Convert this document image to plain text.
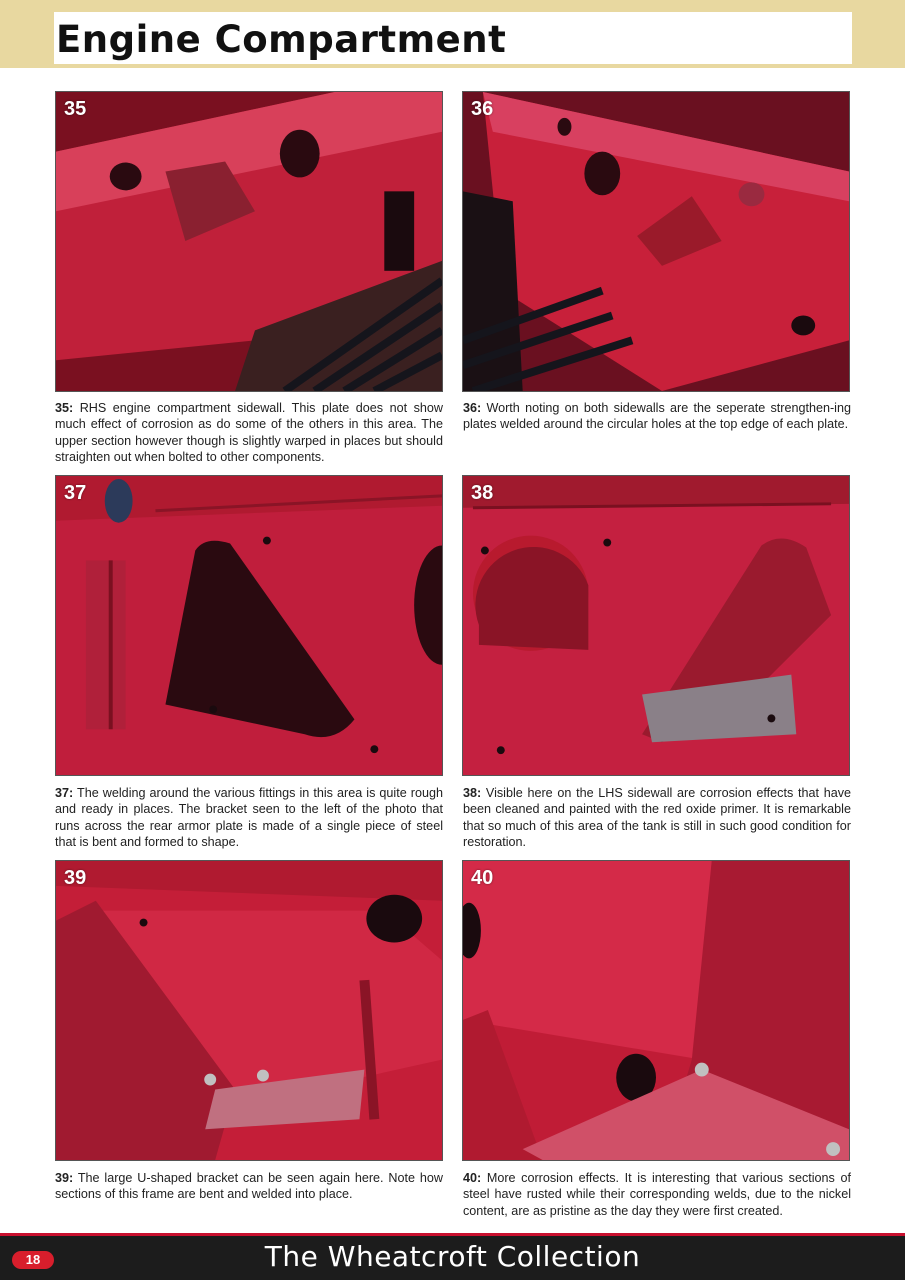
Engine Compartment
35
35: RHS engine compartment sidewall. This plate does not show much effect of corrosion as do some of the others in this area. The upper section however though is slightly warped in places but should straighten out when bolted to other components.
36
36: Worth noting on both sidewalls are the seperate strengthen-ing plates welded around the circular holes at the top edge of each plate.
37
37: The welding around the various fittings in this area is quite rough and ready in places. The bracket seen to the left of the photo that runs across the rear armor plate is made of a single piece of steel that is bent and formed to shape.
38
38: Visible here on the LHS sidewall are corrosion effects that have been cleaned and painted with the red oxide primer. It is remarkable that so much of this area of the tank is still in such good condition for restoration.
39
39: The large U-shaped bracket can be seen again here. Note how sections of this frame are bent and welded into place.
40
40: More corrosion effects. It is interesting that various sections of steel have rusted while their corresponding welds, due to the nickel content, are as pristine as the day they were first created.
18	The Wheatcroft Collection
